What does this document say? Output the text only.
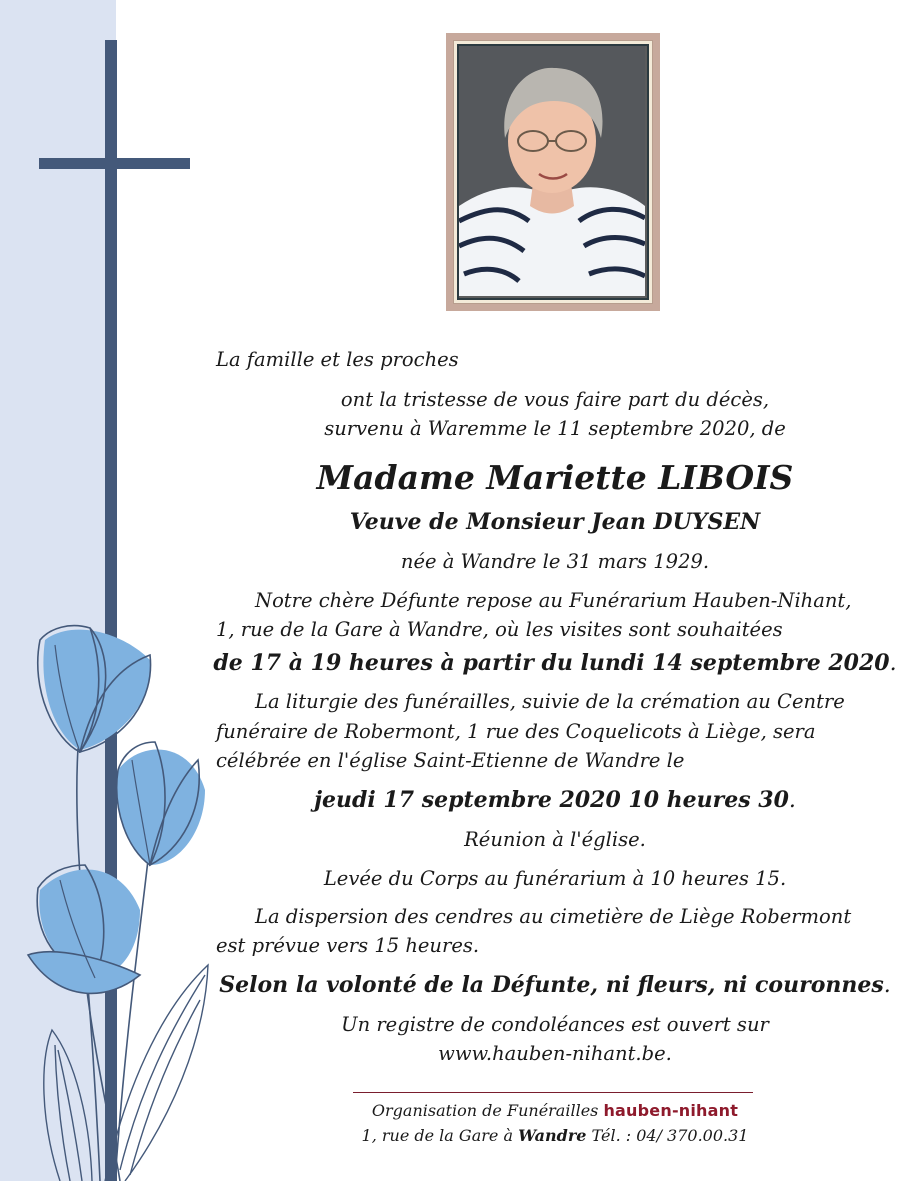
La famille et les proches

ont la tristesse de vous faire part du décès,

survenu à Waremme le 11 septembre 2020, de

Madame Mariette LIBOIS

Veuve de Monsieur Jean DUYSEN

née à Wandre le 31 mars 1929.

Notre chère Défunte repose au Funérarium Hauben-Nihant,

1, rue de la Gare à Wandre, où les visites sont souhaitées

de 17 à 19 heures à partir du lundi 14 septembre 2020.

La liturgie des funérailles, suivie de la crémation au Centre

funéraire de Robermont, 1 rue des Coquelicots à Liège, sera

célébrée en l'église Saint-Etienne de Wandre le

jeudi 17 septembre 2020 10 heures 30.

Réunion à l'église.

Levée du Corps au funérarium à 10 heures 15.

La dispersion des cendres au cimetière de Liège Robermont

est prévue vers 15 heures.

Selon la volonté de la Défunte, ni fleurs, ni couronnes.

Un registre de condoléances est ouvert sur

www.hauben-nihant.be.

Organisation de Funérailles hauben-nihant

1, rue de la Gare à Wandre Tél. : 04/ 370.00.31
